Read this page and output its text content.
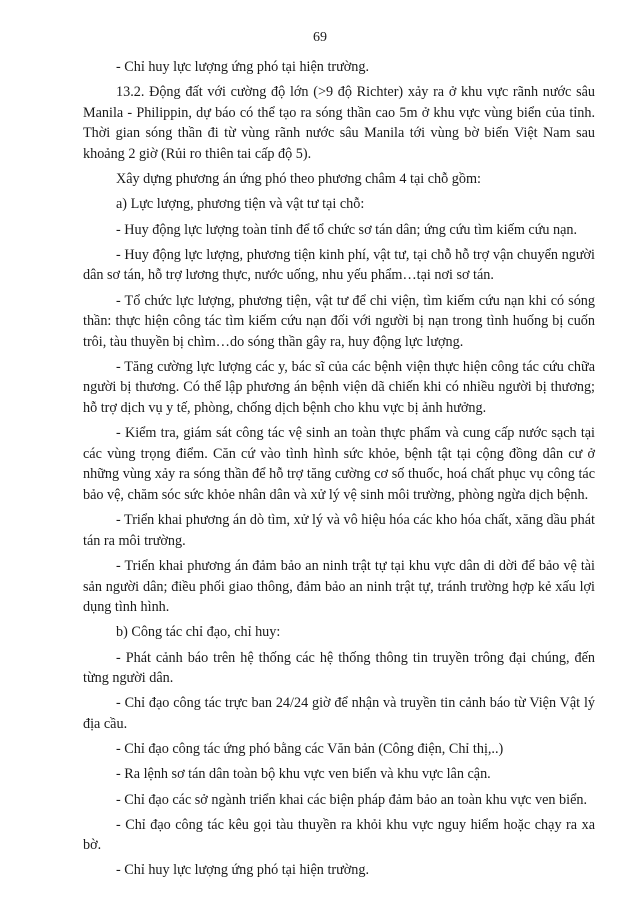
69

- Chỉ huy lực lượng ứng phó tại hiện trường.

13.2. Động đất với cường độ lớn (>9 độ Richter) xảy ra ở khu vực rãnh nước sâu Manila - Philippin, dự báo có thể tạo ra sóng thần cao 5m ở khu vực vùng biển của tỉnh. Thời gian sóng thần đi từ vùng rãnh nước sâu Manila tới vùng bờ biển Việt Nam sau khoảng 2 giờ (Rủi ro thiên tai cấp độ 5).

Xây dựng phương án ứng phó theo phương châm 4 tại chỗ gồm:

a) Lực lượng, phương tiện và vật tư tại chỗ:

- Huy động lực lượng toàn tỉnh để tổ chức sơ tán dân; ứng cứu tìm kiếm cứu nạn.

- Huy động lực lượng, phương tiện kinh phí, vật tư, tại chỗ hỗ trợ vận chuyển người dân sơ tán, hỗ trợ lương thực, nước uống, nhu yếu phẩm…tại nơi sơ tán.

- Tổ chức lực lượng, phương tiện, vật tư để chi viện, tìm kiếm cứu nạn khi có sóng thần: thực hiện công tác tìm kiếm cứu nạn đối với người bị nạn trong tình huống bị cuốn trôi, tàu thuyền bị chìm…do sóng thần gây ra, huy động lực lượng.

- Tăng cường lực lượng các y, bác sĩ của các bệnh viện thực hiện công tác cứu chữa người bị thương. Có thể lập phương án bệnh viện dã chiến khi có nhiều người bị thương; hỗ trợ dịch vụ y tế, phòng, chống dịch bệnh cho khu vực bị ảnh hưởng.

- Kiểm tra, giám sát công tác vệ sinh an toàn thực phẩm và cung cấp nước sạch tại các vùng trọng điểm. Căn cứ vào tình hình sức khỏe, bệnh tật tại cộng đồng dân cư ở những vùng xảy ra sóng thần để hỗ trợ tăng cường cơ số thuốc, hoá chất phục vụ công tác bảo vệ, chăm sóc sức khỏe nhân dân và xử lý vệ sinh môi trường, phòng ngừa dịch bệnh.

- Triển khai phương án dò tìm, xử lý và vô hiệu hóa các kho hóa chất, xăng dầu phát tán ra môi trường.

- Triển khai phương án đảm bảo an ninh trật tự tại khu vực dân di dời để bảo vệ tài sản người dân; điều phối giao thông, đảm bảo an ninh trật tự, tránh trường hợp kẻ xấu lợi dụng tình hình.

b) Công tác chỉ đạo, chỉ huy:

- Phát cảnh báo trên hệ thống các hệ thống thông tin truyền trông đại chúng, đến từng người dân.

- Chỉ đạo công tác trực ban 24/24 giờ để nhận và truyền tin cảnh báo từ Viện Vật lý địa cầu.

- Chỉ đạo công tác ứng phó bằng các Văn bản (Công điện, Chỉ thị,..)

- Ra lệnh sơ tán dân toàn bộ khu vực ven biển và khu vực lân cận.

- Chỉ đạo các sở ngành triển khai các biện pháp đảm bảo an toàn khu vực ven biển.

- Chỉ đạo công tác kêu gọi tàu thuyền ra khỏi khu vực nguy hiểm hoặc chạy ra xa bờ.

- Chỉ huy lực lượng ứng phó tại hiện trường.
